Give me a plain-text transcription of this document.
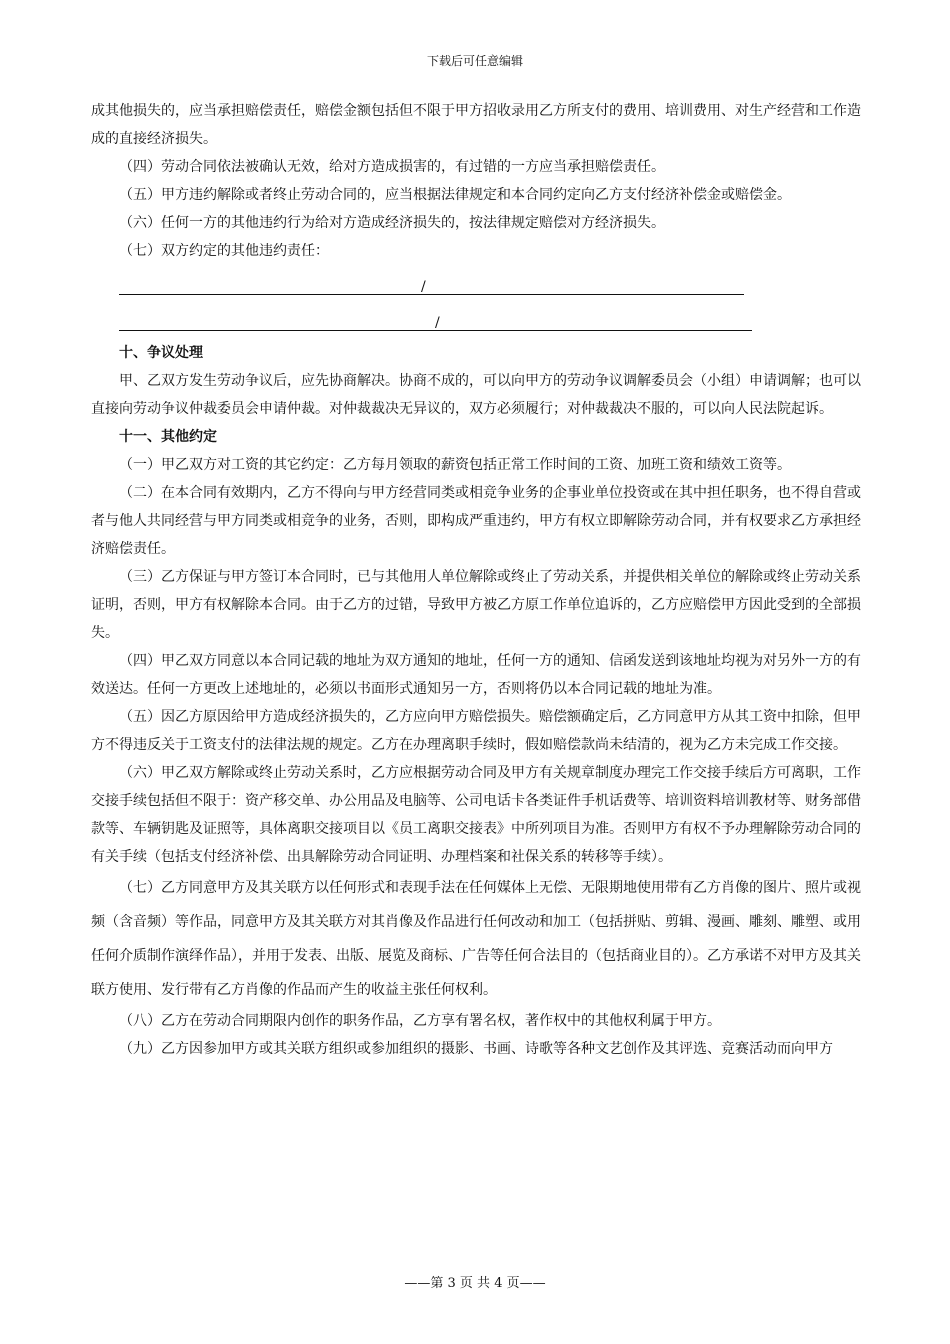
下载后可任意编辑

成其他损失的，应当承担赔偿责任，赔偿金额包括但不限于甲方招收录用乙方所支付的费用、培训费用、对生产经营和工作造成的直接经济损失。

（四）劳动合同依法被确认无效，给对方造成损害的，有过错的一方应当承担赔偿责任。

（五）甲方违约解除或者终止劳动合同的，应当根据法律规定和本合同约定向乙方支付经济补偿金或赔偿金。

（六）任何一方的其他违约行为给对方造成经济损失的，按法律规定赔偿对方经济损失。

（七）双方约定的其他违约责任：

/
/

十、争议处理

甲、乙双方发生劳动争议后，应先协商解决。协商不成的，可以向甲方的劳动争议调解委员会（小组）申请调解；也可以直接向劳动争议仲裁委员会申请仲裁。对仲裁裁决无异议的，双方必须履行；对仲裁裁决不服的，可以向人民法院起诉。

十一、其他约定

（一）甲乙双方对工资的其它约定：乙方每月领取的薪资包括正常工作时间的工资、加班工资和绩效工资等。

（二）在本合同有效期内，乙方不得向与甲方经营同类或相竞争业务的企事业单位投资或在其中担任职务，也不得自营或者与他人共同经营与甲方同类或相竞争的业务，否则，即构成严重违约，甲方有权立即解除劳动合同，并有权要求乙方承担经济赔偿责任。

（三）乙方保证与甲方签订本合同时，已与其他用人单位解除或终止了劳动关系，并提供相关单位的解除或终止劳动关系证明，否则，甲方有权解除本合同。由于乙方的过错，导致甲方被乙方原工作单位追诉的，乙方应赔偿甲方因此受到的全部损失。

（四）甲乙双方同意以本合同记载的地址为双方通知的地址，任何一方的通知、信函发送到该地址均视为对另外一方的有效送达。任何一方更改上述地址的，必须以书面形式通知另一方，否则将仍以本合同记载的地址为准。

（五）因乙方原因给甲方造成经济损失的，乙方应向甲方赔偿损失。赔偿额确定后，乙方同意甲方从其工资中扣除，但甲方不得违反关于工资支付的法律法规的规定。乙方在办理离职手续时，假如赔偿款尚未结清的，视为乙方未完成工作交接。

（六）甲乙双方解除或终止劳动关系时，乙方应根据劳动合同及甲方有关规章制度办理完工作交接手续后方可离职，工作交接手续包括但不限于：资产移交单、办公用品及电脑等、公司电话卡各类证件手机话费等、培训资料培训教材等、财务部借款等、车辆钥匙及证照等，具体离职交接项目以《员工离职交接表》中所列项目为准。否则甲方有权不予办理解除劳动合同的有关手续（包括支付经济补偿、出具解除劳动合同证明、办理档案和社保关系的转移等手续）。

（七）乙方同意甲方及其关联方以任何形式和表现手法在任何媒体上无偿、无限期地使用带有乙方肖像的图片、照片或视频（含音频）等作品，同意甲方及其关联方对其肖像及作品进行任何改动和加工（包括拼贴、剪辑、漫画、雕刻、雕塑、或用任何介质制作演绎作品），并用于发表、出版、展览及商标、广告等任何合法目的（包括商业目的）。乙方承诺不对甲方及其关联方使用、发行带有乙方肖像的作品而产生的收益主张任何权利。

（八）乙方在劳动合同期限内创作的职务作品，乙方享有署名权，著作权中的其他权利属于甲方。

（九）乙方因参加甲方或其关联方组织或参加组织的摄影、书画、诗歌等各种文艺创作及其评选、竞赛活动而向甲方

——第 3 页 共 4 页——
